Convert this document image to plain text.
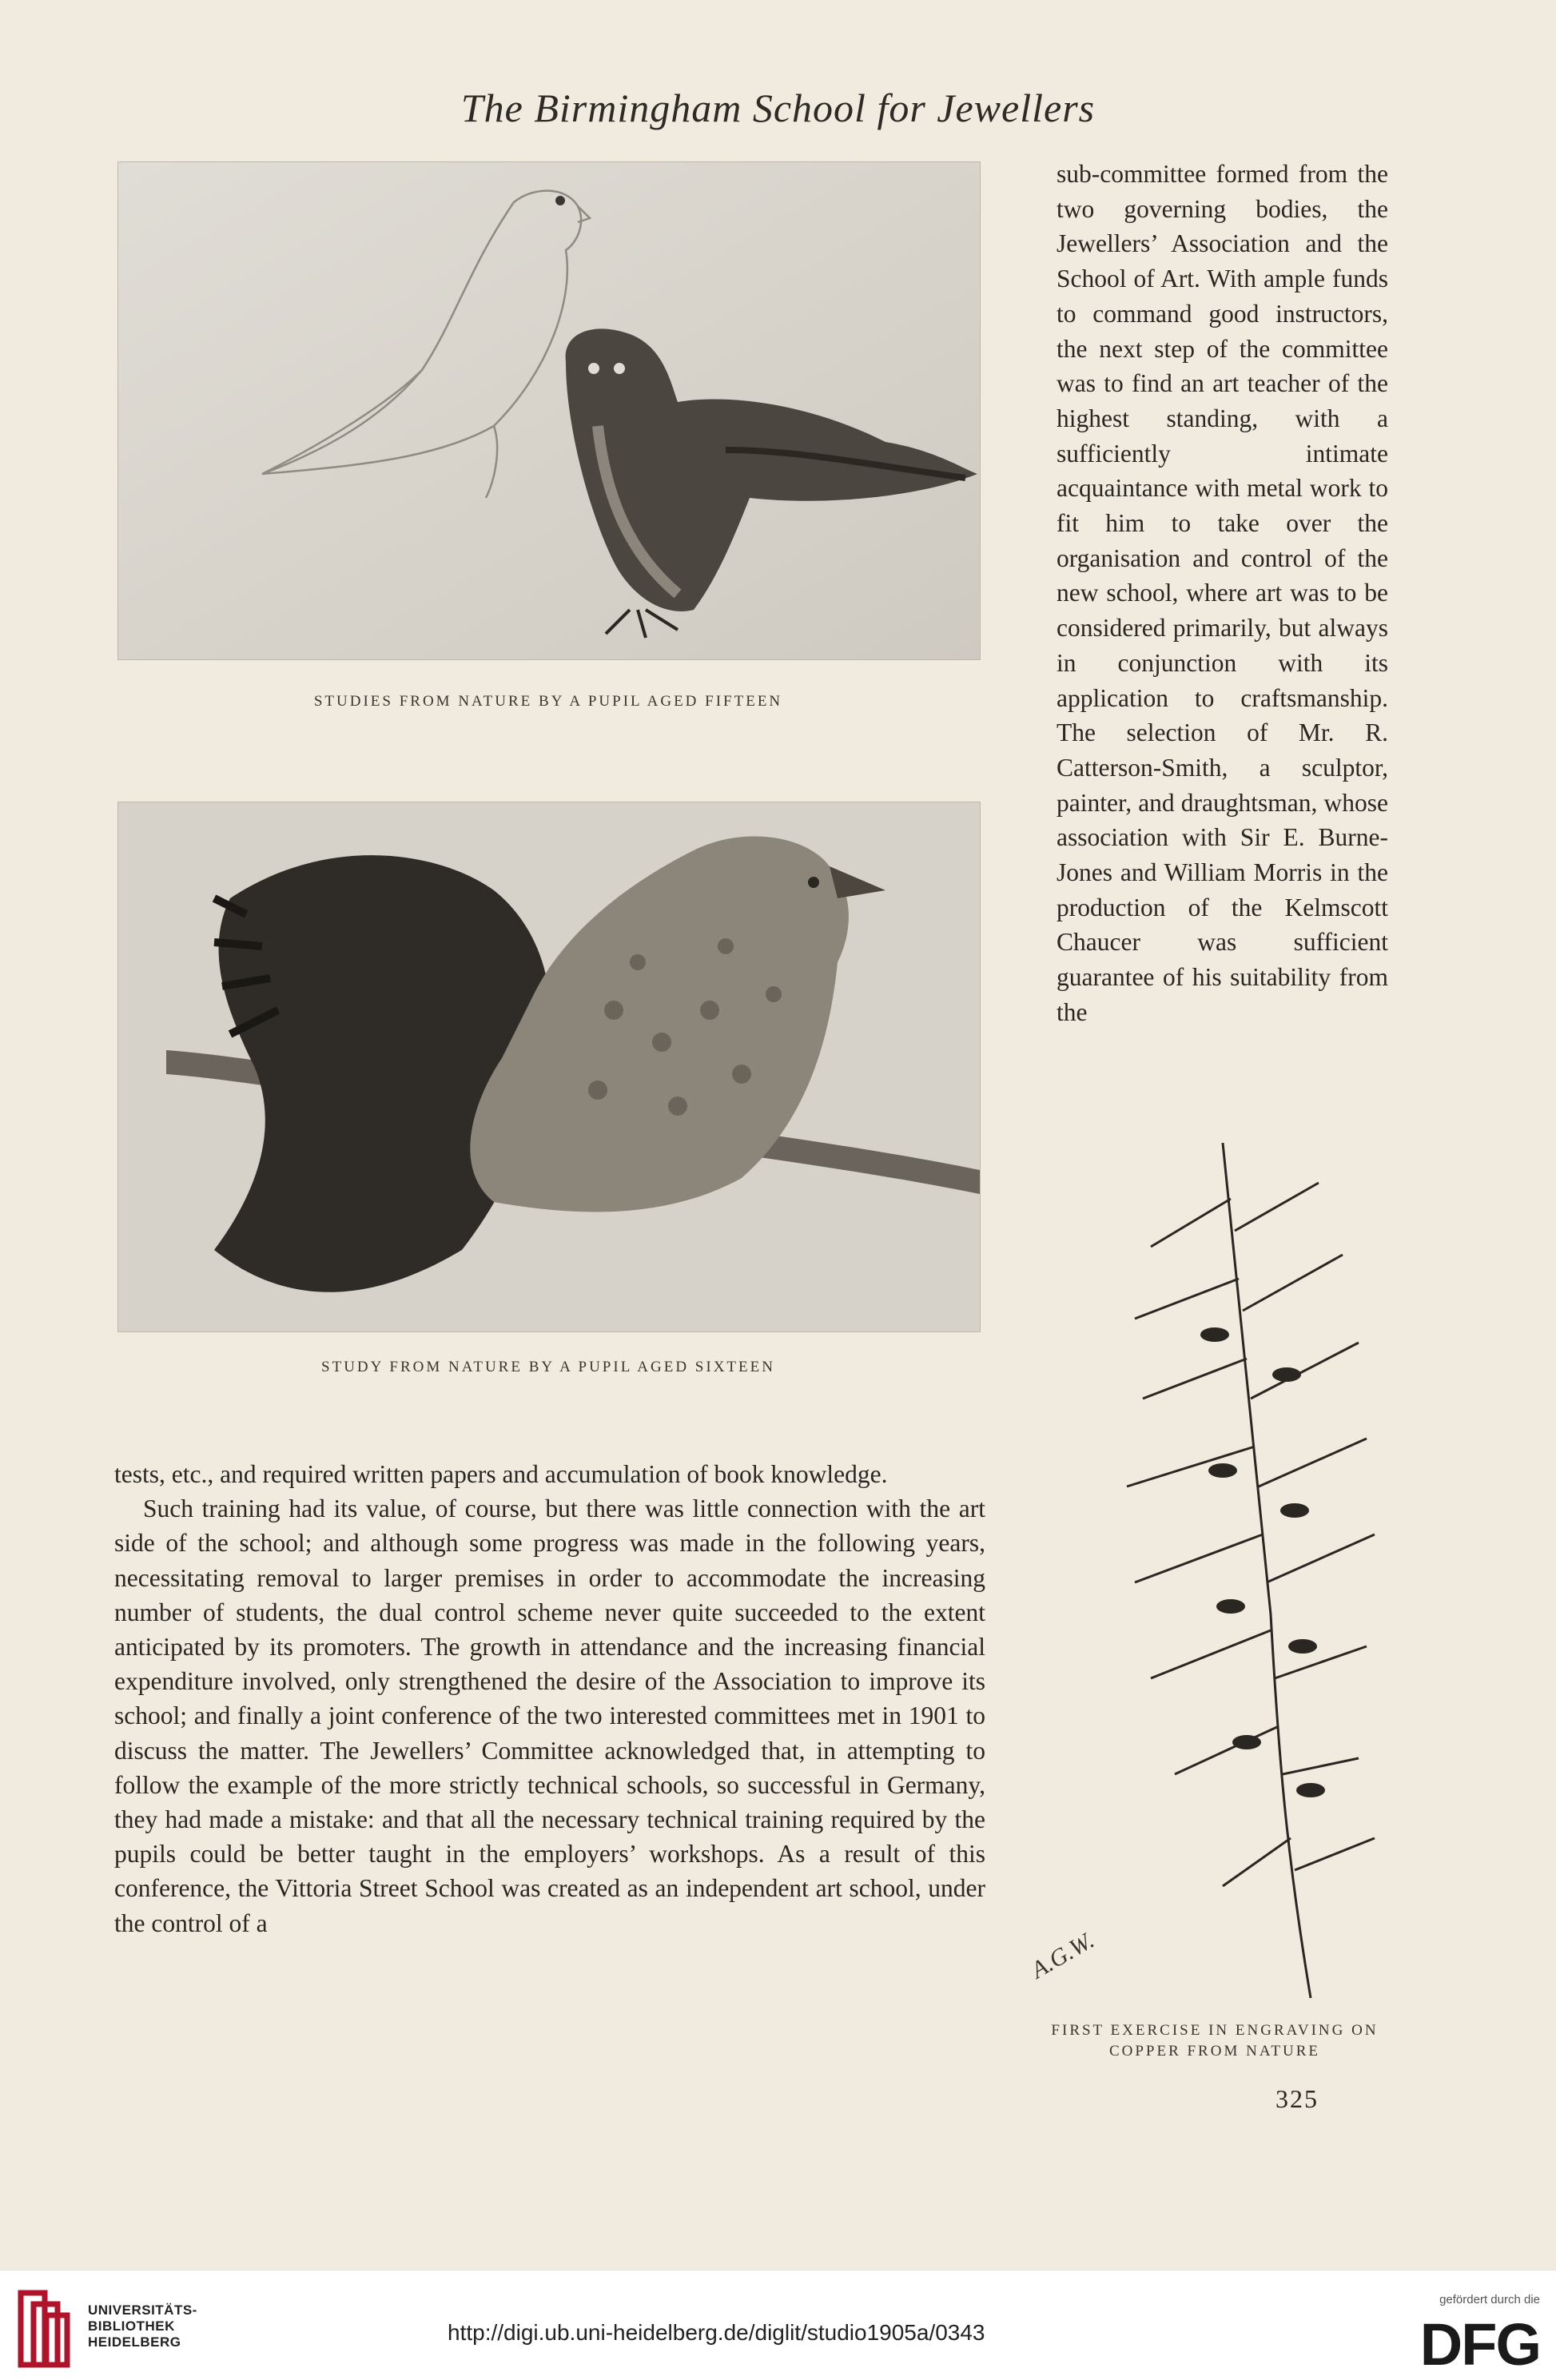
The Birmingham School for Jewellers
STUDIES FROM NATURE BY A PUPIL AGED FIFTEEN
STUDY FROM NATURE BY A PUPIL AGED SIXTEEN

sub-committee formed from the two governing bodies, the Jewellers’ Association and the School of Art. With ample funds to command good instructors, the next step of the committee was to find an art teacher of the highest standing, with a sufficiently intimate acquaintance with metal work to fit him to take over the organisation and control of the new school, where art was to be considered primarily, but always in conjunction with its application to craftsmanship. The selection of Mr. R. Catterson-Smith, a sculptor, painter, and draughtsman, whose association with Sir E. Burne-Jones and William Morris in the production of the Kelmscott Chaucer was sufficient guarantee of his suitability from the

tests, etc., and required written papers and accumulation of book knowledge.

Such training had its value, of course, but there was little connection with the art side of the school; and although some progress was made in the following years, necessitating removal to larger premises in order to accommodate the increasing number of students, the dual control scheme never quite succeeded to the extent anticipated by its promoters. The growth in attendance and the increasing financial expenditure involved, only strengthened the desire of the Association to improve its school; and finally a joint conference of the two interested committees met in 1901 to discuss the matter. The Jewellers’ Committee acknowledged that, in attempting to follow the example of the more strictly technical schools, so successful in Germany, they had made a mistake: and that all the necessary technical training required by the pupils could be better taught in the employers’ workshops. As a result of this conference, the Vittoria Street School was created as an independent art school, under the control of a

A.G.W.
FIRST EXERCISE IN ENGRAVING ON
COPPER FROM NATURE
325
UNIVERSITÄTS-
BIBLIOTHEK
HEIDELBERG	http://digi.ub.uni-heidelberg.de/diglit/studio1905a/0343
gefördert durch die
DFG
